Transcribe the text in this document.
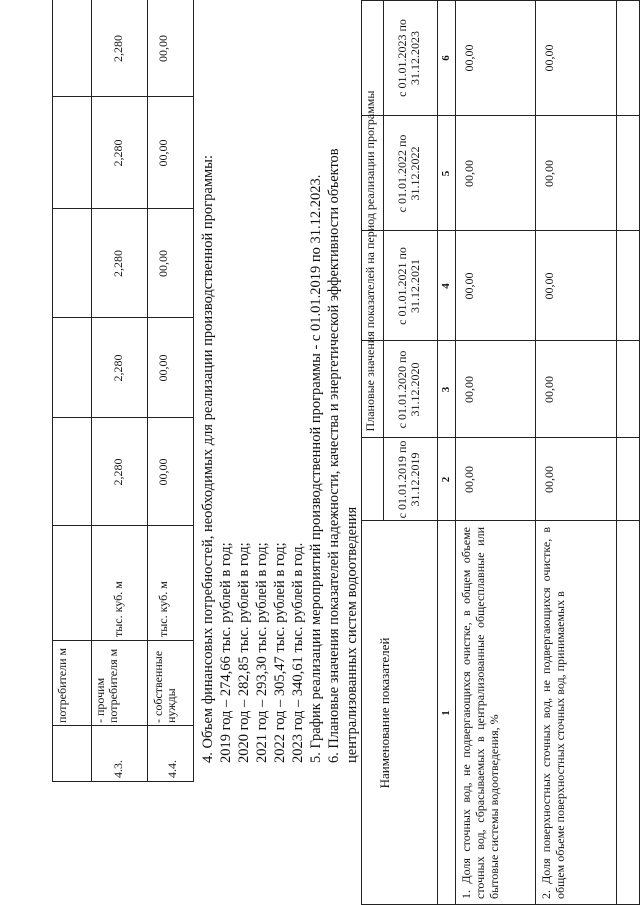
потребители м
4.3.
- прочим потребителя м
тыс. куб. м
2,280
2,280
2,280
2,280
2,280
4.4.
- собственные нужды
тыс. куб. м
00,00
00,00
00,00
00,00
00,00
4. Объем финансовых потребностей, необходимых для реализации производственной программы: 2019 год – 274,66 тыс. рублей в год; 2020 год – 282,85 тыс. рублей в год; 2021 год – 293,30 тыс. рублей в год; 2022 год – 305,47 тыс. рублей в год; 2023 год – 340,61 тыс. рублей в год. 5. График реализации мероприятий производственной программы - с 01.01.2019 по 31.12.2023. 6. Плановые значения показателей надежности, качества и энергетической эффективности объектов централизованных систем водоотведения Наименование показателей
Плановые значения показателей на период реализации программы
с 01.01.2019 по 31.12.2019
с 01.01.2020 по 31.12.2020
с 01.01.2021 по 31.12.2021
с 01.01.2022 по 31.12.2022
с 01.01.2023 по 31.12.2023
1
2
3
4
5
6
1. Доля сточных вод, не подвергающихся очистке, в общем объеме сточных вод, сбрасываемых в централизованные общесплавные или бытовые системы водоотведения, %
00,00
00,00
00,00
00,00
00,00
2. Доля поверхностных сточных вод, не подвергающихся очистке, в общем объеме поверхностных сточных вод, принимаемых в
00,00
00,00
00,00
00,00
00,00
